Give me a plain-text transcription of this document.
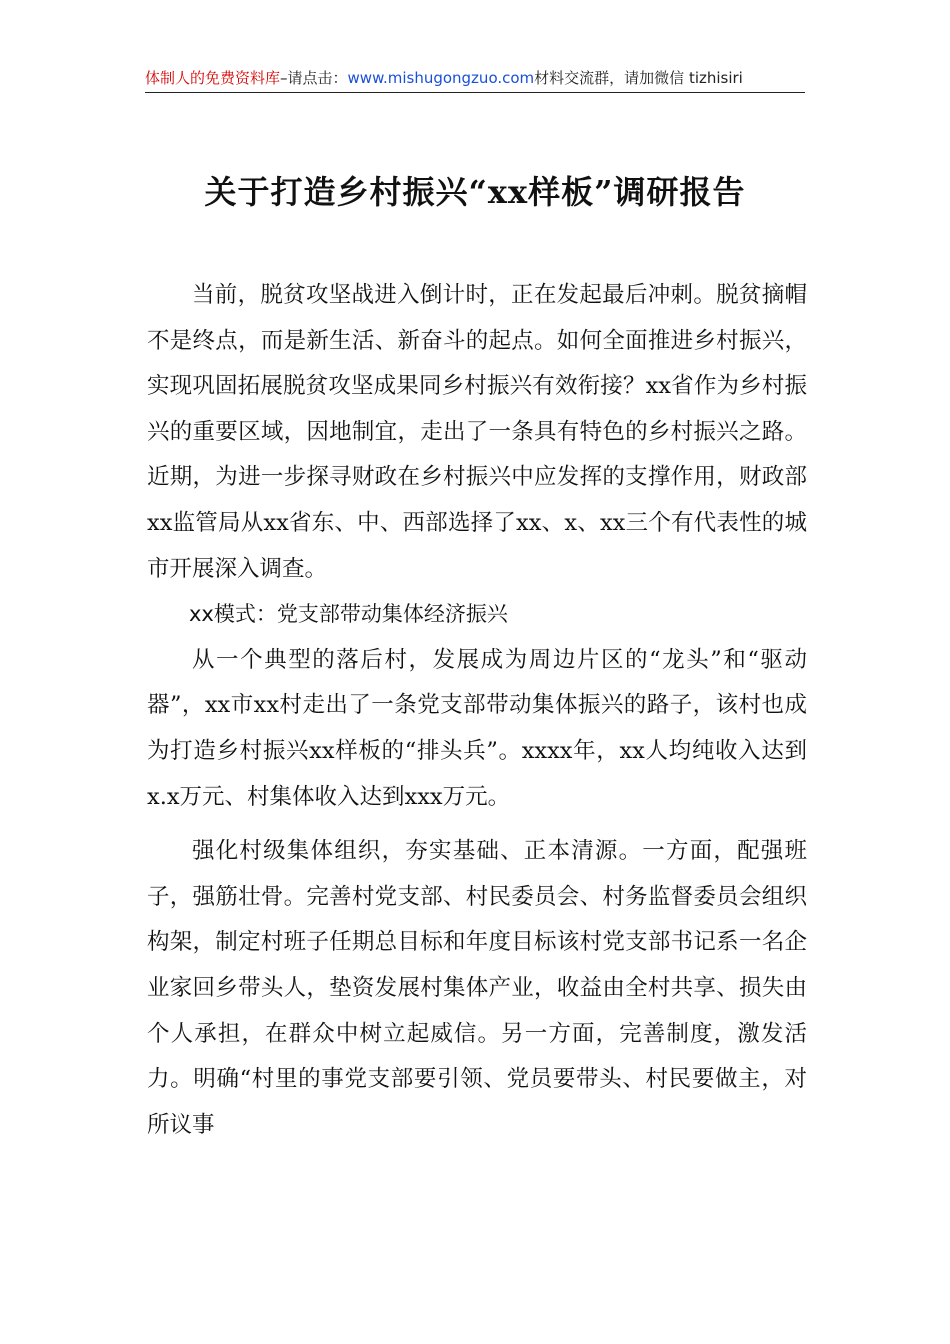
体制人的免费资料库–请点击：www.mishugongzuo.com材料交流群，请加微信 tizhisiri
关于打造乡村振兴“xx样板”调研报告

当前，脱贫攻坚战进入倒计时，正在发起最后冲刺。脱贫摘帽不是终点，而是新生活、新奋斗的起点。如何全面推进乡村振兴，实现巩固拓展脱贫攻坚成果同乡村振兴有效衔接？xx省作为乡村振兴的重要区域，因地制宜，走出了一条具有特色的乡村振兴之路。近期，为进一步探寻财政在乡村振兴中应发挥的支撑作用，财政部xx监管局从xx省东、中、西部选择了xx、x、xx三个有代表性的城市开展深入调查。

xx模式：党支部带动集体经济振兴

从一个典型的落后村，发展成为周边片区的“龙头”和“驱动器”，xx市xx村走出了一条党支部带动集体振兴的路子，该村也成为打造乡村振兴xx样板的“排头兵”。xxxx年，xx人均纯收入达到x.x万元、村集体收入达到xxx万元。

强化村级集体组织，夯实基础、正本清源。一方面，配强班子，强筋壮骨。完善村党支部、村民委员会、村务监督委员会组织构架，制定村班子任期总目标和年度目标该村党支部书记系一名企业家回乡带头人，垫资发展村集体产业，收益由全村共享、损失由个人承担，在群众中树立起威信。另一方面，完善制度，激发活力。明确“村里的事党支部要引领、党员要带头、村民要做主，对所议事
